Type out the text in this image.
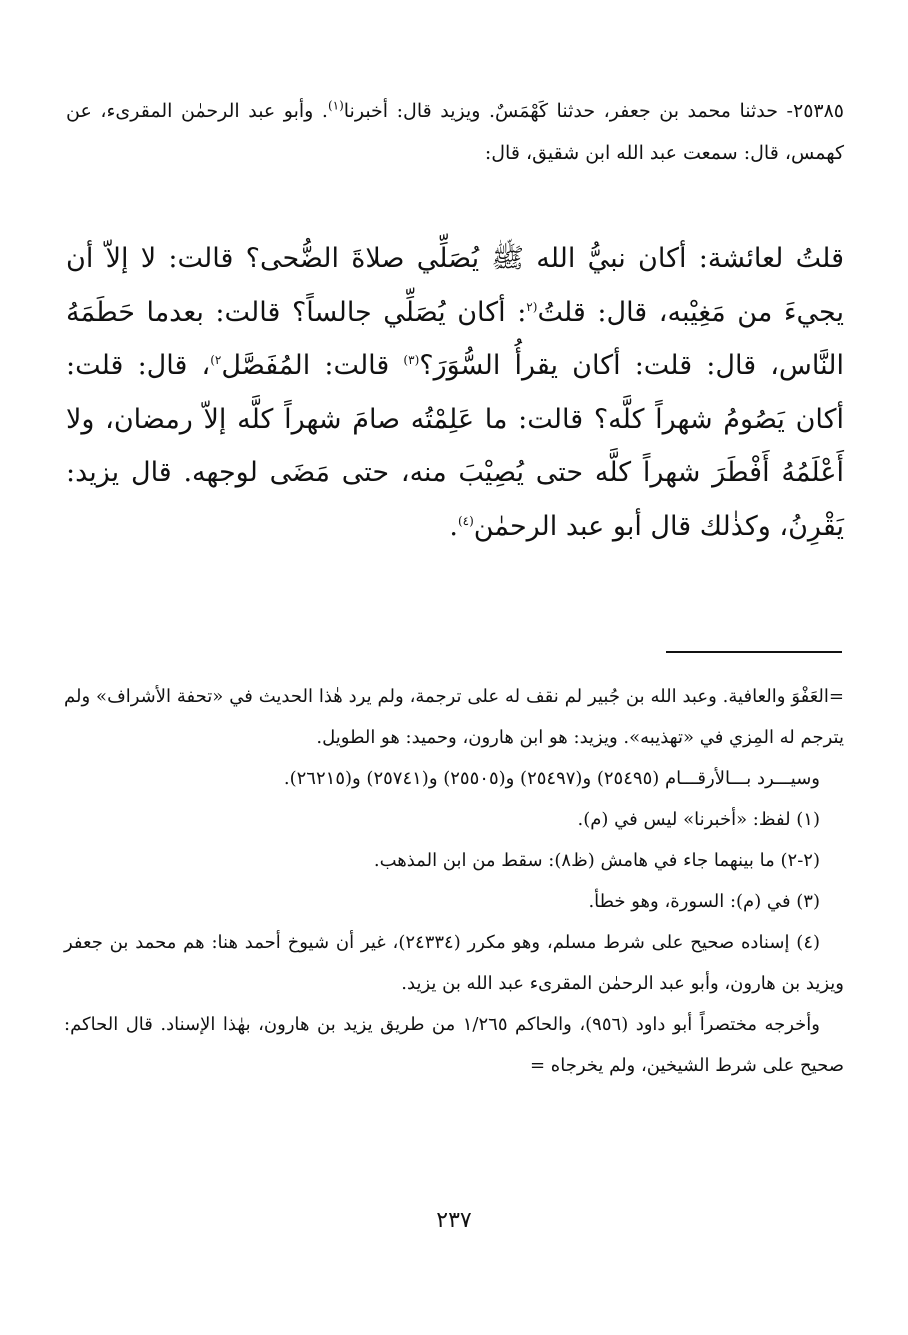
٢٥٣٨٥- حدثنا محمد بن جعفر، حدثنا كَهْمَسٌ. ويزيد قال: أخبرنا$^{(١)}$. وأبو عبد الرحمٰن المقرىء، عن كهمس، قال: سمعت عبد الله ابن شقيق، قال:
قلتُ لعائشة: أكان نبيُّ الله ﷺ يُصَلِّي صلاةَ الضُّحى؟ قالت: لا إلاّ أن يجيءَ من مَغِيْبه، قال: قلتُ$^{(٢}$: أكان يُصَلِّي جالساً؟ قالت: بعدما حَطَمَهُ النَّاس، قال: قلت: أكان يقرأُ السُّوَرَ؟$^{(٣)}$ قالت: المُفَصَّل$^{٢)}$، قال: قلت: أكان يَصُومُ شهراً كلَّه؟ قالت: ما عَلِمْتُه صامَ شهراً كلَّه إلاّ رمضان، ولا أَعْلَمُهُ أَفْطَرَ شهراً كلَّه حتى يُصِيْبَ منه، حتى مَضَى لوجهه. قال يزيد: يَقْرِنُ، وكذٰلك قال أبو عبد الرحمٰن$^{(٤)}$.

=العَفْوَ والعافية. وعبد الله بن جُبير لم نقف له على ترجمة، ولم يرد هٰذا الحديث في «تحفة الأشراف» ولم يترجم له المِزي في «تهذيبه». ويزيد: هو ابن هارون، وحميد: هو الطويل.

وسيـــرد بـــالأرقـــام (٢٥٤٩٥) و(٢٥٤٩٧) و(٢٥٥٠٥) و(٢٥٧٤١) و(٢٦٢١٥).

(١) لفظ: «أخبرنا» ليس في (م).

(٢-٢) ما بينهما جاء في هامش (ظ٨): سقط من ابن المذهب.

(٣) في (م): السورة، وهو خطأ.

(٤) إسناده صحيح على شرط مسلم، وهو مكرر (٢٤٣٣٤)، غير أن شيوخ أحمد هنا: هم محمد بن جعفر ويزيد بن هارون، وأبو عبد الرحمٰن المقرىء عبد الله بن يزيد.

وأخرجه مختصراً أبو داود (٩٥٦)، والحاكم ١/٢٦٥ من طريق يزيد بن هارون، بهٰذا الإسناد. قال الحاكم: صحيح على شرط الشيخين، ولم يخرجاه =

٢٣٧
